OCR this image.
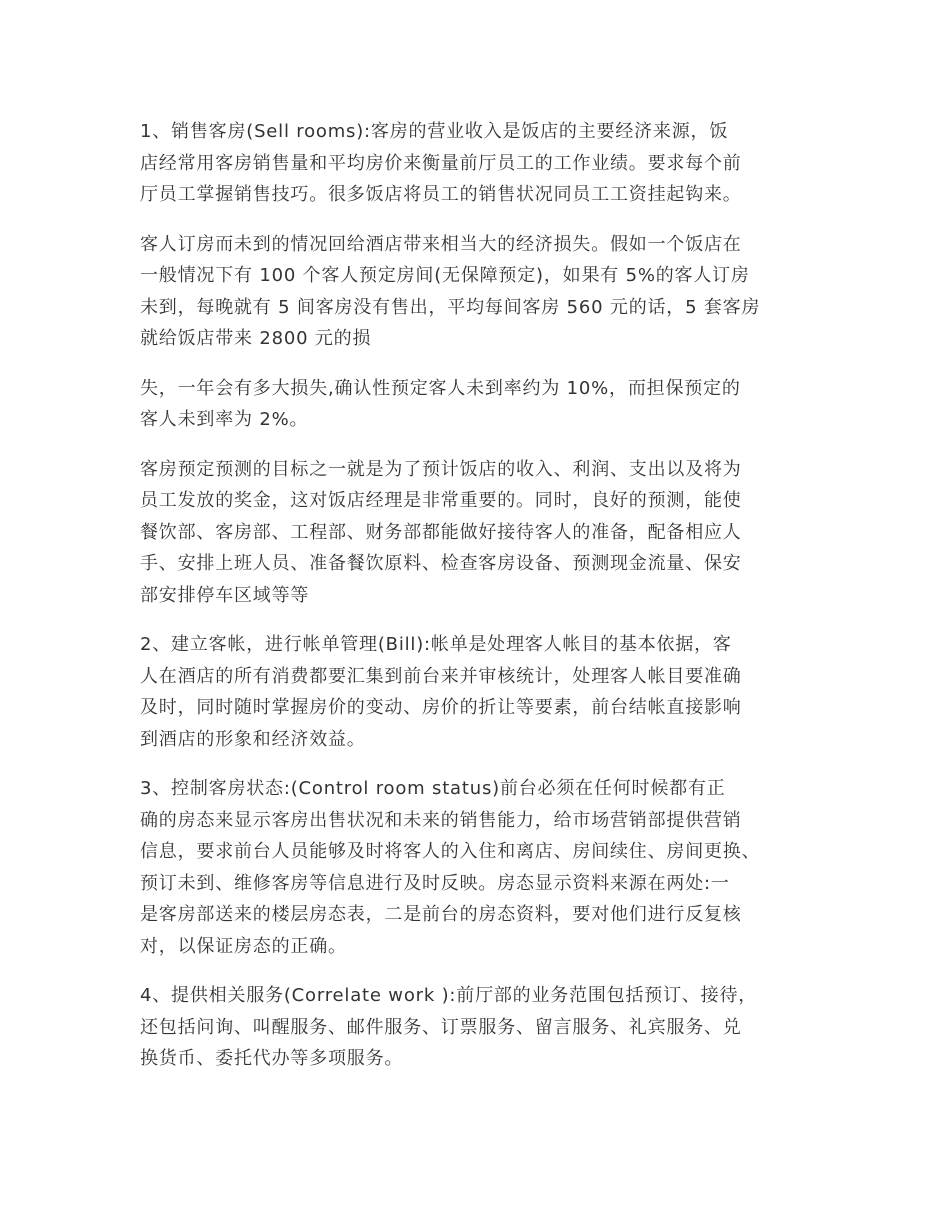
1、销售客房(Sell rooms):客房的营业收入是饭店的主要经济来源，饭
店经常用客房销售量和平均房价来衡量前厅员工的工作业绩。要求每个前
厅员工掌握销售技巧。很多饭店将员工的销售状况同员工工资挂起钩来。

客人订房而未到的情况回给酒店带来相当大的经济损失。假如一个饭店在
一般情况下有 100 个客人预定房间(无保障预定)，如果有 5%的客人订房
未到，每晚就有 5 间客房没有售出，平均每间客房 560 元的话，5 套客房
就给饭店带来 2800 元的损

失，一年会有多大损失,确认性预定客人未到率约为 10%，而担保预定的
客人未到率为 2%。

客房预定预测的目标之一就是为了预计饭店的收入、利润、支出以及将为
员工发放的奖金，这对饭店经理是非常重要的。同时，良好的预测，能使
餐饮部、客房部、工程部、财务部都能做好接待客人的准备，配备相应人
手、安排上班人员、准备餐饮原料、检查客房设备、预测现金流量、保安
部安排停车区域等等

2、建立客帐，进行帐单管理(Bill):帐单是处理客人帐目的基本依据，客
人在酒店的所有消费都要汇集到前台来并审核统计，处理客人帐目要准确
及时，同时随时掌握房价的变动、房价的折让等要素，前台结帐直接影响
到酒店的形象和经济效益。

3、控制客房状态:(Control room status)前台必须在任何时候都有正
确的房态来显示客房出售状况和未来的销售能力，给市场营销部提供营销
信息，要求前台人员能够及时将客人的入住和离店、房间续住、房间更换、
预订未到、维修客房等信息进行及时反映。房态显示资料来源在两处:一
是客房部送来的楼层房态表，二是前台的房态资料，要对他们进行反复核
对，以保证房态的正确。

4、提供相关服务(Correlate work ):前厅部的业务范围包括预订、接待，
还包括问询、叫醒服务、邮件服务、订票服务、留言服务、礼宾服务、兑
换货币、委托代办等多项服务。
